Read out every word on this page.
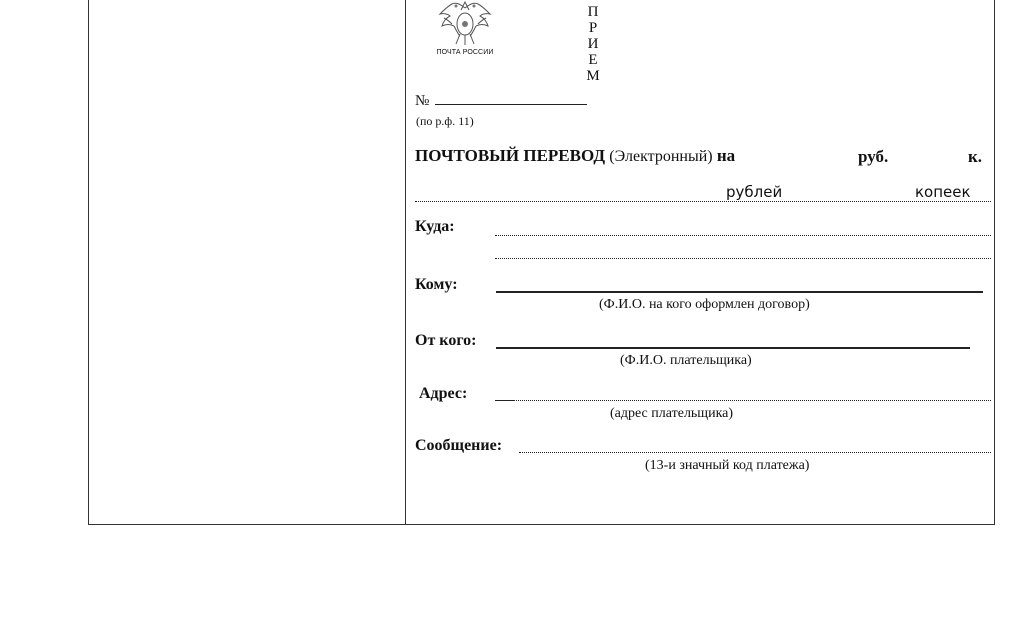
ПОЧТА РОССИИ
П
Р
И
Е
М
№
(по р.ф. 11)
ПОЧТОВЫЙ ПЕРЕВОД (Электронный) на	руб.	к.
рублей	копеек
Куда:
Кому:
(Ф.И.О. на кого оформлен договор)
От кого:
(Ф.И.О. плательщика)
Адрес:
(адрес плательщика)
Сообщение:
(13-и значный код платежа)
